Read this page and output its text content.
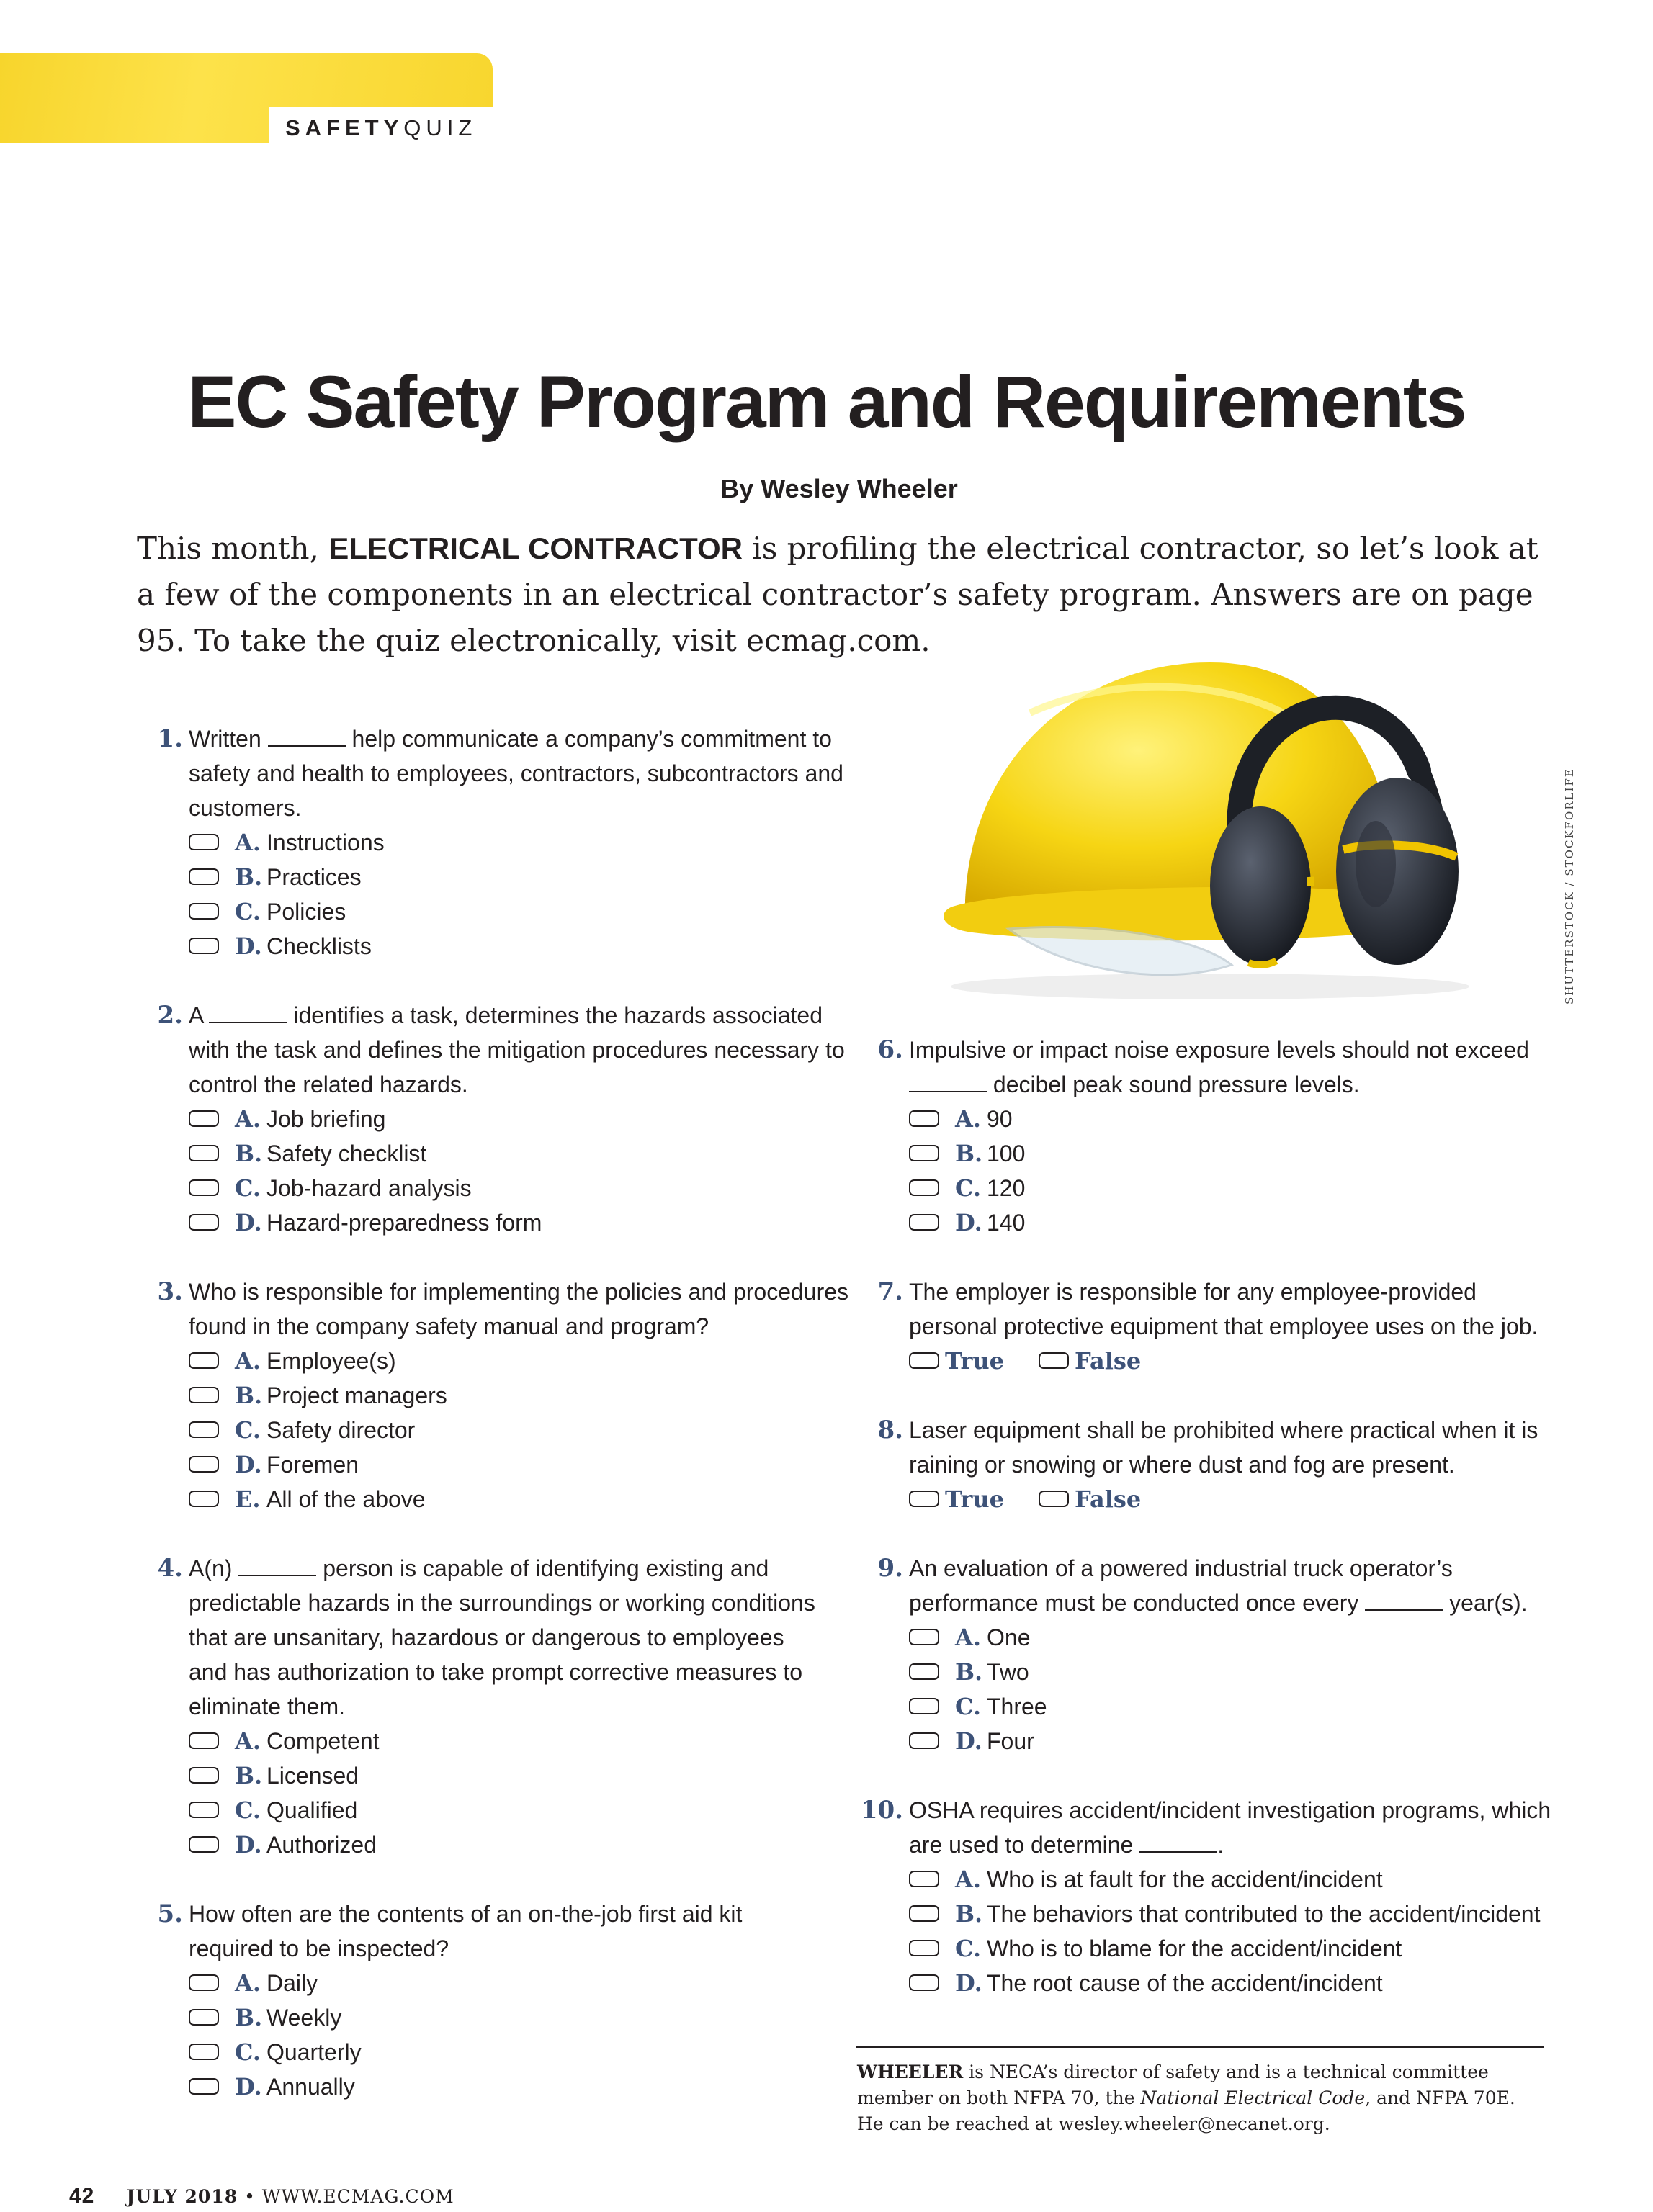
SAFETYQUIZ
EC Safety Program and Requirements
By Wesley Wheeler
This month, ELECTRICAL CONTRACTOR is profiling the electrical contractor, so let’s look at a few of the components in an electrical contractor’s safety program. Answers are on page 95. To take the quiz electronically, visit ecmag.com.
1. Written	help communicate a company’s commitment to safety and health to employees, contractors, subcontractors and customers.
A. Instructions
B. Practices
C. Policies
D. Checklists
2. A	identifies a task, determines the hazards associated with the task and defines the mitigation procedures necessary to control the related hazards.
A. Job briefing
B. Safety checklist
C. Job-hazard analysis
D. Hazard-preparedness form
3. Who is responsible for implementing the policies and procedures found in the company safety manual and program?
A. Employee(s)
B. Project managers
C. Safety director
D. Foremen
E. All of the above
4. A(n)	person is capable of identifying existing and predictable hazards in the surroundings or working conditions that are unsanitary, hazardous or dangerous to employees and has authorization to take prompt corrective measures to eliminate them.
A. Competent
B. Licensed
C. Qualified
D. Authorized
5. How often are the contents of an on-the-job first aid kit required to be inspected?
A. Daily
B. Weekly
C. Quarterly
D. Annually
SHUTTERSTOCK / STOCKFORLIFE
6. Impulsive or impact noise exposure levels should not exceed  decibel peak sound pressure levels.
A. 90
B. 100
C. 120
D. 140
7. The employer is responsible for any employee-provided personal protective equipment that employee uses on the job.
True	False
8. Laser equipment shall be prohibited where practical when it is raining or snowing or where dust and fog are present.
True	False
9. An evaluation of a powered industrial truck operator’s performance must be conducted once every	year(s).
A. One
B. Two
C. Three
D. Four
10. OSHA requires accident/incident investigation programs, which are used to determine	.
A. Who is at fault for the accident/incident
B. The behaviors that contributed to the accident/incident
C. Who is to blame for the accident/incident
D. The root cause of the accident/incident
WHEELER is NECA’s director of safety and is a technical committee member on both NFPA 70, the National Electrical Code, and NFPA 70E. He can be reached at wesley.wheeler@necanet.org.
42 JULY 2018 • WWW.ECMAG.COM
